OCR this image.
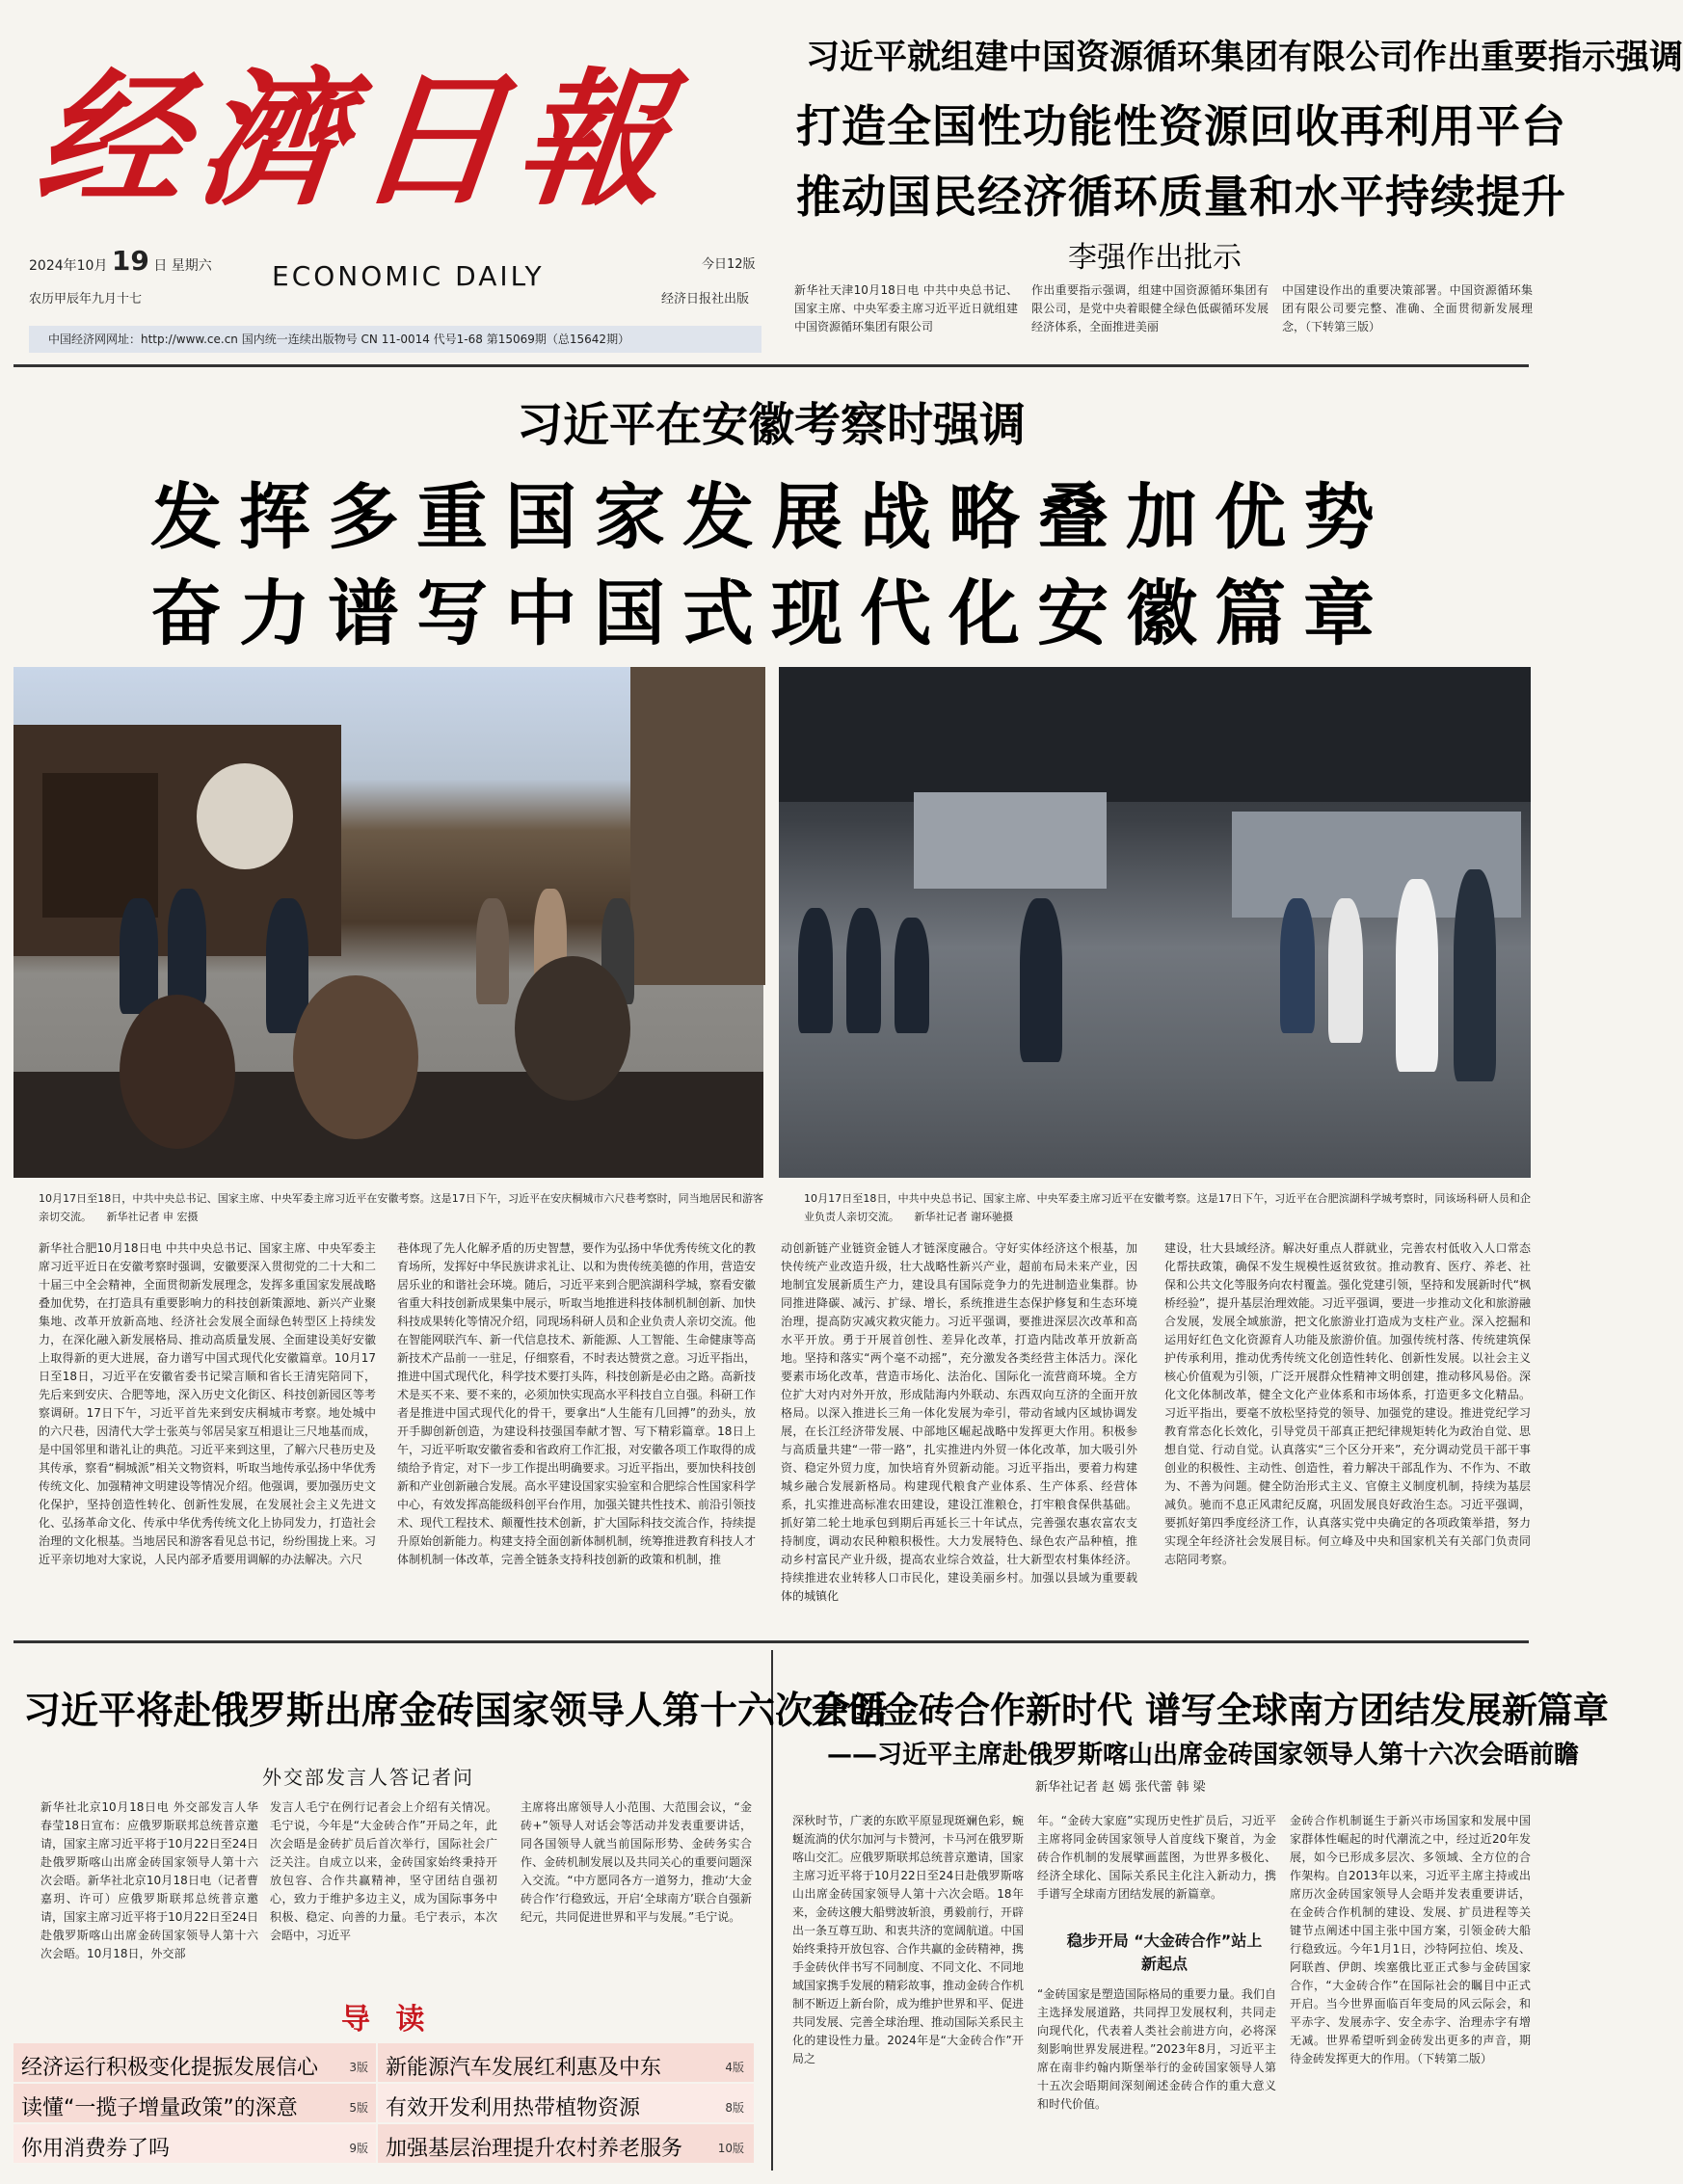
经濟日報
2024年10月 19 日 星期六
农历甲辰年九月十七
ECONOMIC DAILY	今日12版
经济日报社出版
中国经济网网址：http://www.ce.cn 国内统一连续出版物号 CN 11-0014 代号1-68 第15069期（总15642期）
习近平就组建中国资源循环集团有限公司作出重要指示强调
打造全国性功能性资源回收再利用平台
推动国民经济循环质量和水平持续提升
李强作出批示
新华社天津10月18日电 中共中央总书记、国家主席、中央军委主席习近平近日就组建中国资源循环集团有限公司
作出重要指示强调，组建中国资源循环集团有限公司，是党中央着眼健全绿色低碳循环发展经济体系，全面推进美丽
中国建设作出的重要决策部署。中国资源循环集团有限公司要完整、准确、全面贯彻新发展理念，（下转第三版）
习近平在安徽考察时强调
发挥多重国家发展战略叠加优势
奋力谱写中国式现代化安徽篇章
10月17日至18日，中共中央总书记、国家主席、中央军委主席习近平在安徽考察。这是17日下午，习近平在安庆桐城市六尺巷考察时，同当地居民和游客亲切交流。 新华社记者 申 宏摄
10月17日至18日，中共中央总书记、国家主席、中央军委主席习近平在安徽考察。这是17日下午，习近平在合肥滨湖科学城考察时，同该场科研人员和企业负责人亲切交流。 新华社记者 谢环驰摄
新华社合肥10月18日电 中共中央总书记、国家主席、中央军委主席习近平近日在安徽考察时强调，安徽要深入贯彻党的二十大和二十届三中全会精神，全面贯彻新发展理念，发挥多重国家发展战略叠加优势，在打造具有重要影响力的科技创新策源地、新兴产业聚集地、改革开放新高地、经济社会发展全面绿色转型区上持续发力，在深化融入新发展格局、推动高质量发展、全面建设美好安徽上取得新的更大进展，奋力谱写中国式现代化安徽篇章。10月17日至18日，习近平在安徽省委书记梁言顺和省长王清宪陪同下，先后来到安庆、合肥等地，深入历史文化街区、科技创新园区等考察调研。17日下午，习近平首先来到安庆桐城市考察。地处城中的六尺巷，因清代大学士张英与邻居吴家互相退让三尺地基而成，是中国邻里和谐礼让的典范。习近平来到这里，了解六尺巷历史及其传承，察看“桐城派”相关文物资料，听取当地传承弘扬中华优秀传统文化、加强精神文明建设等情况介绍。他强调，要加强历史文化保护，坚持创造性转化、创新性发展，在发展社会主义先进文化、弘扬革命文化、传承中华优秀传统文化上协同发力，打造社会治理的文化根基。当地居民和游客看见总书记，纷纷围拢上来。习近平亲切地对大家说，人民内部矛盾要用调解的办法解决。六尺
巷体现了先人化解矛盾的历史智慧，要作为弘扬中华优秀传统文化的教育场所，发挥好中华民族讲求礼让、以和为贵传统美德的作用，营造安居乐业的和谐社会环境。随后，习近平来到合肥滨湖科学城，察看安徽省重大科技创新成果集中展示，听取当地推进科技体制机制创新、加快科技成果转化等情况介绍，同现场科研人员和企业负责人亲切交流。他在智能网联汽车、新一代信息技术、新能源、人工智能、生命健康等高新技术产品前一一驻足，仔细察看，不时表达赞赏之意。习近平指出，推进中国式现代化，科学技术要打头阵，科技创新是必由之路。高新技术是买不来、要不来的，必须加快实现高水平科技自立自强。科研工作者是推进中国式现代化的骨干，要拿出“人生能有几回搏”的劲头，放开手脚创新创造，为建设科技强国奉献才智、写下精彩篇章。18日上午，习近平听取安徽省委和省政府工作汇报，对安徽各项工作取得的成绩给予肯定，对下一步工作提出明确要求。习近平指出，要加快科技创新和产业创新融合发展。高水平建设国家实验室和合肥综合性国家科学中心，有效发挥高能级科创平台作用，加强关键共性技术、前沿引领技术、现代工程技术、颠覆性技术创新，扩大国际科技交流合作，持续提升原始创新能力。构建支持全面创新体制机制，统筹推进教育科技人才体制机制一体改革，完善全链条支持科技创新的政策和机制，推
动创新链产业链资金链人才链深度融合。守好实体经济这个根基，加快传统产业改造升级，壮大战略性新兴产业，超前布局未来产业，因地制宜发展新质生产力，建设具有国际竞争力的先进制造业集群。协同推进降碳、减污、扩绿、增长，系统推进生态保护修复和生态环境治理，提高防灾减灾救灾能力。习近平强调，要推进深层次改革和高水平开放。勇于开展首创性、差异化改革，打造内陆改革开放新高地。坚持和落实“两个毫不动摇”，充分激发各类经营主体活力。深化要素市场化改革，营造市场化、法治化、国际化一流营商环境。全方位扩大对内对外开放，形成陆海内外联动、东西双向互济的全面开放格局。以深入推进长三角一体化发展为牵引，带动省域内区域协调发展，在长江经济带发展、中部地区崛起战略中发挥更大作用。积极参与高质量共建“一带一路”，扎实推进内外贸一体化改革，加大吸引外资、稳定外贸力度，加快培育外贸新动能。习近平指出，要着力构建城乡融合发展新格局。构建现代粮食产业体系、生产体系、经营体系，扎实推进高标准农田建设，建设江淮粮仓，打牢粮食保供基础。抓好第二轮土地承包到期后再延长三十年试点，完善强农惠农富农支持制度，调动农民种粮积极性。大力发展特色、绿色农产品种植，推动乡村富民产业升级，提高农业综合效益，壮大新型农村集体经济。持续推进农业转移人口市民化，建设美丽乡村。加强以县域为重要载体的城镇化
建设，壮大县域经济。解决好重点人群就业，完善农村低收入人口常态化帮扶政策，确保不发生规模性返贫致贫。推动教育、医疗、养老、社保和公共文化等服务向农村覆盖。强化党建引领，坚持和发展新时代“枫桥经验”，提升基层治理效能。习近平强调，要进一步推动文化和旅游融合发展，发展全域旅游，把文化旅游业打造成为支柱产业。深入挖掘和运用好红色文化资源育人功能及旅游价值。加强传统村落、传统建筑保护传承利用，推动优秀传统文化创造性转化、创新性发展。以社会主义核心价值观为引领，广泛开展群众性精神文明创建，推动移风易俗。深化文化体制改革，健全文化产业体系和市场体系，打造更多文化精品。习近平指出，要毫不放松坚持党的领导、加强党的建设。推进党纪学习教育常态化长效化，引导党员干部真正把纪律规矩转化为政治自觉、思想自觉、行动自觉。认真落实“三个区分开来”，充分调动党员干部干事创业的积极性、主动性、创造性，着力解决干部乱作为、不作为、不敢为、不善为问题。健全防治形式主义、官僚主义制度机制，持续为基层减负。驰而不息正风肃纪反腐，巩固发展良好政治生态。习近平强调，要抓好第四季度经济工作，认真落实党中央确定的各项政策举措，努力实现全年经济社会发展目标。何立峰及中央和国家机关有关部门负责同志陪同考察。
习近平将赴俄罗斯出席金砖国家领导人第十六次会晤
外交部发言人答记者问
新华社北京10月18日电 外交部发言人华春莹18日宣布：应俄罗斯联邦总统普京邀请，国家主席习近平将于10月22日至24日赴俄罗斯喀山出席金砖国家领导人第十六次会晤。新华社北京10月18日电（记者曹嘉玥、许可）应俄罗斯联邦总统普京邀请，国家主席习近平将于10月22日至24日赴俄罗斯喀山出席金砖国家领导人第十六次会晤。10月18日，外交部
发言人毛宁在例行记者会上介绍有关情况。毛宁说，今年是“大金砖合作”开局之年，此次会晤是金砖扩员后首次举行，国际社会广泛关注。自成立以来，金砖国家始终秉持开放包容、合作共赢精神，坚守团结自强初心，致力于维护多边主义，成为国际事务中积极、稳定、向善的力量。毛宁表示，本次会晤中，习近平
主席将出席领导人小范围、大范围会议，“金砖+”领导人对话会等活动并发表重要讲话，同各国领导人就当前国际形势、金砖务实合作、金砖机制发展以及共同关心的重要问题深入交流。“中方愿同各方一道努力，推动‘大金砖合作’行稳致远，开启‘全球南方’联合自强新纪元，共同促进世界和平与发展。”毛宁说。
导 读
经济运行积极变化提振发展信心	3版 新能源汽车发展红利惠及中东	4版
读懂“一揽子增量政策”的深意	5版 有效开发利用热带植物资源	8版
你用消费券了吗	9版 加强基层治理提升农村养老服务	10版
开创金砖合作新时代 谱写全球南方团结发展新篇章
——习近平主席赴俄罗斯喀山出席金砖国家领导人第十六次会晤前瞻
新华社记者 赵 嫣 张代蕾 韩 梁
深秋时节，广袤的东欧平原显现斑斓色彩，蜿蜒流淌的伏尔加河与卡赞河，卡马河在俄罗斯喀山交汇。应俄罗斯联邦总统普京邀请，国家主席习近平将于10月22日至24日赴俄罗斯喀山出席金砖国家领导人第十六次会晤。18年来，金砖这艘大船劈波斩浪，勇毅前行，开辟出一条互尊互助、和衷共济的宽阔航道。中国始终秉持开放包容、合作共赢的金砖精神，携手金砖伙伴书写不同制度、不同文化、不同地域国家携手发展的精彩故事，推动金砖合作机制不断迈上新台阶，成为维护世界和平、促进共同发展、完善全球治理、推动国际关系民主化的建设性力量。2024年是“大金砖合作”开局之
年。“金砖大家庭”实现历史性扩员后，习近平主席将同金砖国家领导人首度线下聚首，为金砖合作机制的发展擘画蓝图，为世界多极化、经济全球化、国际关系民主化注入新动力，携手谱写全球南方团结发展的新篇章。
稳步开局 “大金砖合作”站上新起点
“金砖国家是塑造国际格局的重要力量。我们自主选择发展道路，共同捍卫发展权利，共同走向现代化，代表着人类社会前进方向，必将深刻影响世界发展进程。”2023年8月，习近平主席在南非约翰内斯堡举行的金砖国家领导人第十五次会晤期间深刻阐述金砖合作的重大意义和时代价值。
金砖合作机制诞生于新兴市场国家和发展中国家群体性崛起的时代潮流之中，经过近20年发展，如今已形成多层次、多领域、全方位的合作架构。自2013年以来，习近平主席主持或出席历次金砖国家领导人会晤并发表重要讲话，在金砖合作机制的建设、发展、扩员进程等关键节点阐述中国主张中国方案，引领金砖大船行稳致远。今年1月1日，沙特阿拉伯、埃及、阿联酋、伊朗、埃塞俄比亚正式参与金砖国家合作，“大金砖合作”在国际社会的瞩目中正式开启。当今世界面临百年变局的风云际会，和平赤字、发展赤字、安全赤字、治理赤字有增无减。世界希望听到金砖发出更多的声音，期待金砖发挥更大的作用。（下转第二版）
